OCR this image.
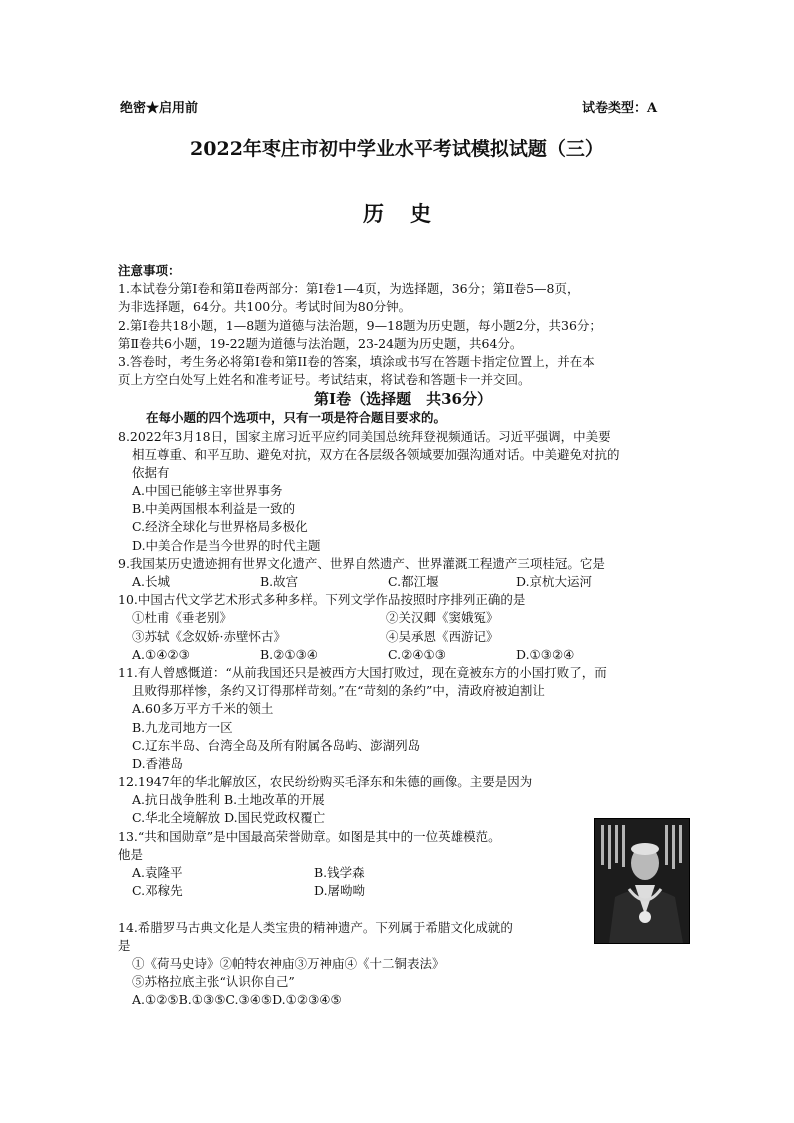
绝密★启用前	试卷类型：A
2022年枣庄市初中学业水平考试模拟试题（三）
历史
注意事项：
1.本试卷分第Ⅰ卷和第Ⅱ卷两部分：第Ⅰ卷1—4页，为选择题，36分；第Ⅱ卷5—8页，
为非选择题，64分。共100分。考试时间为80分钟。
2.第Ⅰ卷共18小题，1—8题为道德与法治题，9—18题为历史题，每小题2分，共36分；
第Ⅱ卷共6小题，19-22题为道德与法治题，23-24题为历史题，共64分。
3.答卷时，考生务必将第Ⅰ卷和第II卷的答案，填涂或书写在答题卡指定位置上，并在本
页上方空白处写上姓名和准考证号。考试结束，将试卷和答题卡一并交回。
第Ⅰ卷（选择题　共36分）
在每小题的四个选项中，只有一项是符合题目要求的。
8.2022年3月18日，国家主席习近平应约同美国总统拜登视频通话。习近平强调，中美要
相互尊重、和平互助、避免对抗，双方在各层级各领域要加强沟通对话。中美避免对抗的
依据有
A.中国已能够主宰世界事务
B.中美两国根本利益是一致的
C.经济全球化与世界格局多极化
D.中美合作是当今世界的时代主题
9.我国某历史遗迹拥有世界文化遗产、世界自然遗产、世界灌溉工程遗产三项桂冠。它是
A.长城	B.故宫	C.都江堰	D.京杭大运河
10.中国古代文学艺术形式多种多样。下列文学作品按照时序排列正确的是
①杜甫《垂老别》	②关汉卿《窦娥冤》
③苏轼《念奴娇·赤壁怀古》	④吴承恩《西游记》
A.①④②③	B.②①③④	C.②④①③	D.①③②④
11.有人曾感慨道：“从前我国还只是被西方大国打败过，现在竟被东方的小国打败了，而
且败得那样惨，条约又订得那样苛刻。”在“苛刻的条约”中，清政府被迫割让
A.60多万平方千米的领土
B.九龙司地方一区
C.辽东半岛、台湾全岛及所有附属各岛屿、澎湖列岛
D.香港岛
12.1947年的华北解放区，农民纷纷购买毛泽东和朱德的画像。主要是因为
A.抗日战争胜利 B.土地改革的开展
C.华北全境解放 D.国民党政权覆亡
13.“共和国勋章”是中国最高荣誉勋章。如图是其中的一位英雄模范。
他是
A.袁隆平	B.钱学森
C.邓稼先	D.屠呦呦
14.希腊罗马古典文化是人类宝贵的精神遗产。下列属于希腊文化成就的
是
①《荷马史诗》②帕特农神庙③万神庙④《十二铜表法》
⑤苏格拉底主张“认识你自己”
A.①②⑤B.①③⑤C.③④⑤D.①②③④⑤
